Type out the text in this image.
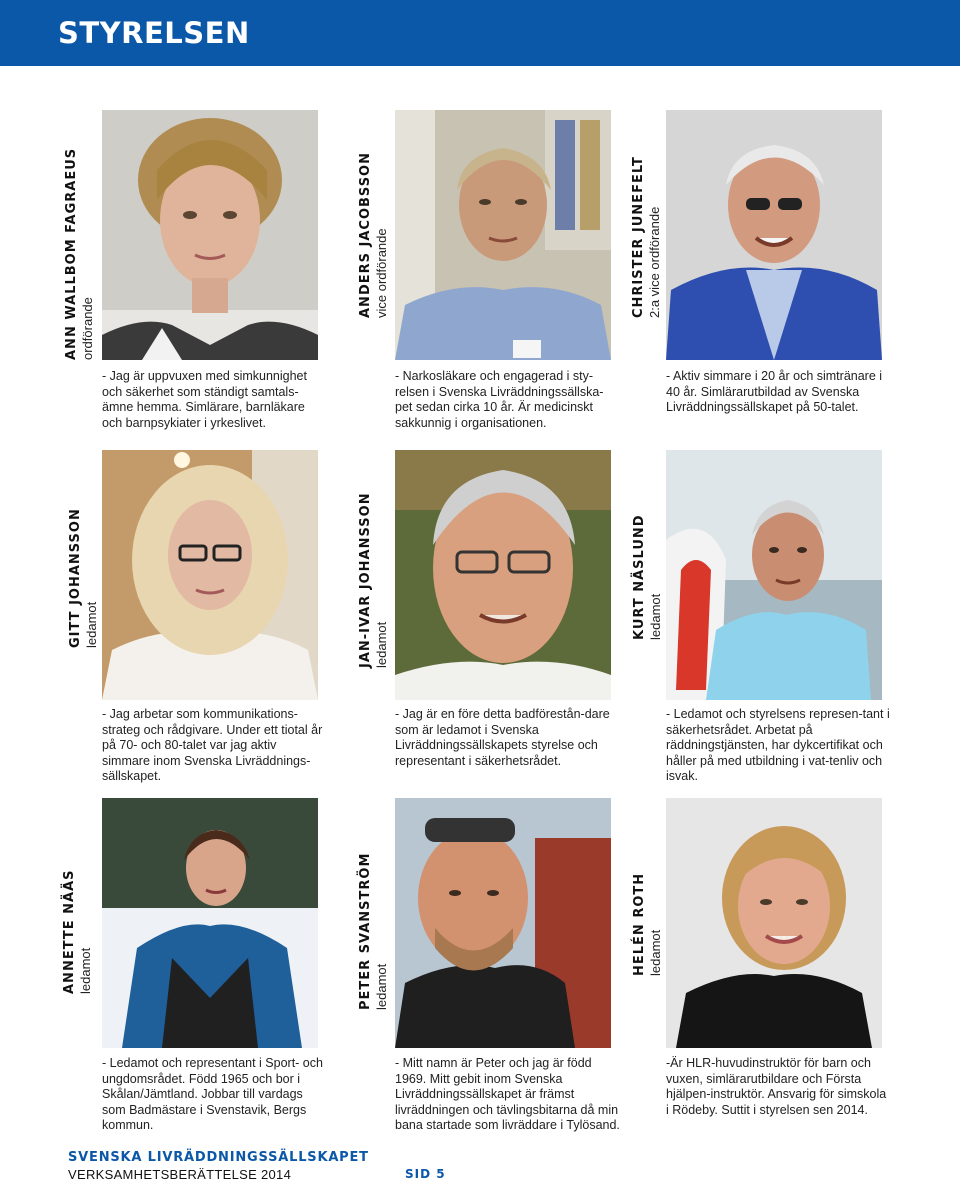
STYRELSEN
ANN WALLBOM FAGRAEUS ordförande
- Jag är uppvuxen med simkunnighet och säkerhet som ständigt samtals-ämne hemma. Simlärare, barnläkare och barnpsykiater i yrkeslivet.
ANDERS JACOBSSON vice ordförande
- Narkosläkare och engagerad i sty-relsen i Svenska Livräddningssällska-pet sedan cirka 10 år. Är medicinskt sakkunnig i organisationen.
CHRISTER JUNEFELT 2:a vice ordförande
- Aktiv simmare i 20 år och simtränare i 40 år. Simlärarutbildad av Svenska Livräddningssällskapet på 50-talet.
GITT JOHANSSON ledamot
- Jag arbetar som kommunikations-strateg och rådgivare. Under ett tiotal år på 70- och 80-talet var jag aktiv simmare inom Svenska Livräddnings-sällskapet.
JAN-IVAR JOHANSSON ledamot
- Jag är en före detta badförestån-dare som är ledamot i Svenska Livräddningssällskapets styrelse och representant i säkerhetsrådet.
KURT NÄSLUND ledamot
- Ledamot och styrelsens represen-tant i säkerhetsrådet. Arbetat på räddningstjänsten, har dykcertifikat och håller på med utbildning i vat-tenliv och isvak.
ANNETTE NÄÄS ledamot
- Ledamot och representant i Sport- och ungdomsrådet. Född 1965 och bor i Skålan/Jämtland. Jobbar till vardags som Badmästare i Svenstavik, Bergs kommun.
PETER SVANSTRÖM ledamot
- Mitt namn är Peter och jag är född 1969. Mitt gebit inom Svenska Livräddningssällskapet är främst livräddningen och tävlingsbitarna då min bana startade som livräddare i Tylösand.
HELÉN ROTH ledamot
-Är HLR-huvudinstruktör för barn och vuxen, simlärarutbildare och Första hjälpen-instruktör. Ansvarig för simskola i Rödeby. Suttit i styrelsen sen 2014.
SVENSKA LIVRÄDDNINGSSÄLLSKAPET
VERKSAMHETSBERÄTTELSE 2014	SID 5
